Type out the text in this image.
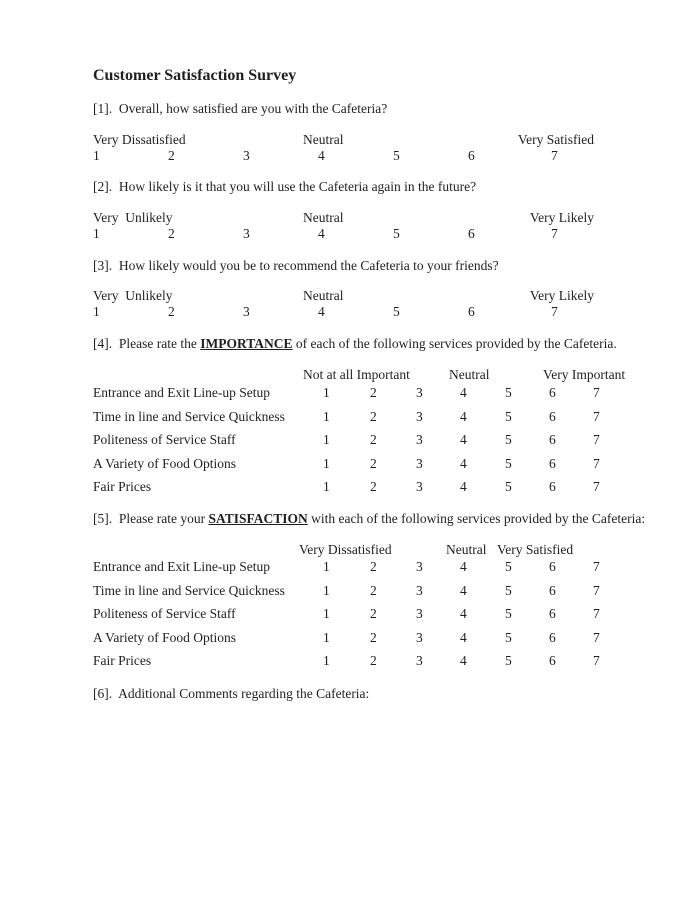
Customer Satisfaction Survey

[1].  Overall, how satisfied are you with the Cafeteria?

Very Dissatisfied	Neutral	Very Satisfied
1	2	3	4	5	6	7

[2].  How likely is it that you will use the Cafeteria again in the future?

Very  Unlikely	Neutral	Very Likely
1	2	3	4	5	6	7

[3].  How likely would you be to recommend the Cafeteria to your friends?

Very  Unlikely	Neutral	Very Likely
1	2	3	4	5	6	7

[4].  Please rate the IMPORTANCE of each of the following services provided by the Cafeteria.

Not at all Important	Neutral	Very Important
Entrance and Exit Line-up Setup	1	2	3	4	5	6	7
Time in line and Service Quickness	1	2	3	4	5	6	7
Politeness of Service Staff	1	2	3	4	5	6	7
A Variety of Food Options	1	2	3	4	5	6	7
Fair Prices	1	2	3	4	5	6	7

[5].  Please rate your SATISFACTION with each of the following services provided by the Cafeteria:

Very Dissatisfied	Neutral Very Satisfied
Entrance and Exit Line-up Setup	1	2	3	4	5	6	7
Time in line and Service Quickness	1	2	3	4	5	6	7
Politeness of Service Staff	1	2	3	4	5	6	7
A Variety of Food Options	1	2	3	4	5	6	7
Fair Prices	1	2	3	4	5	6	7

[6].  Additional Comments regarding the Cafeteria:
